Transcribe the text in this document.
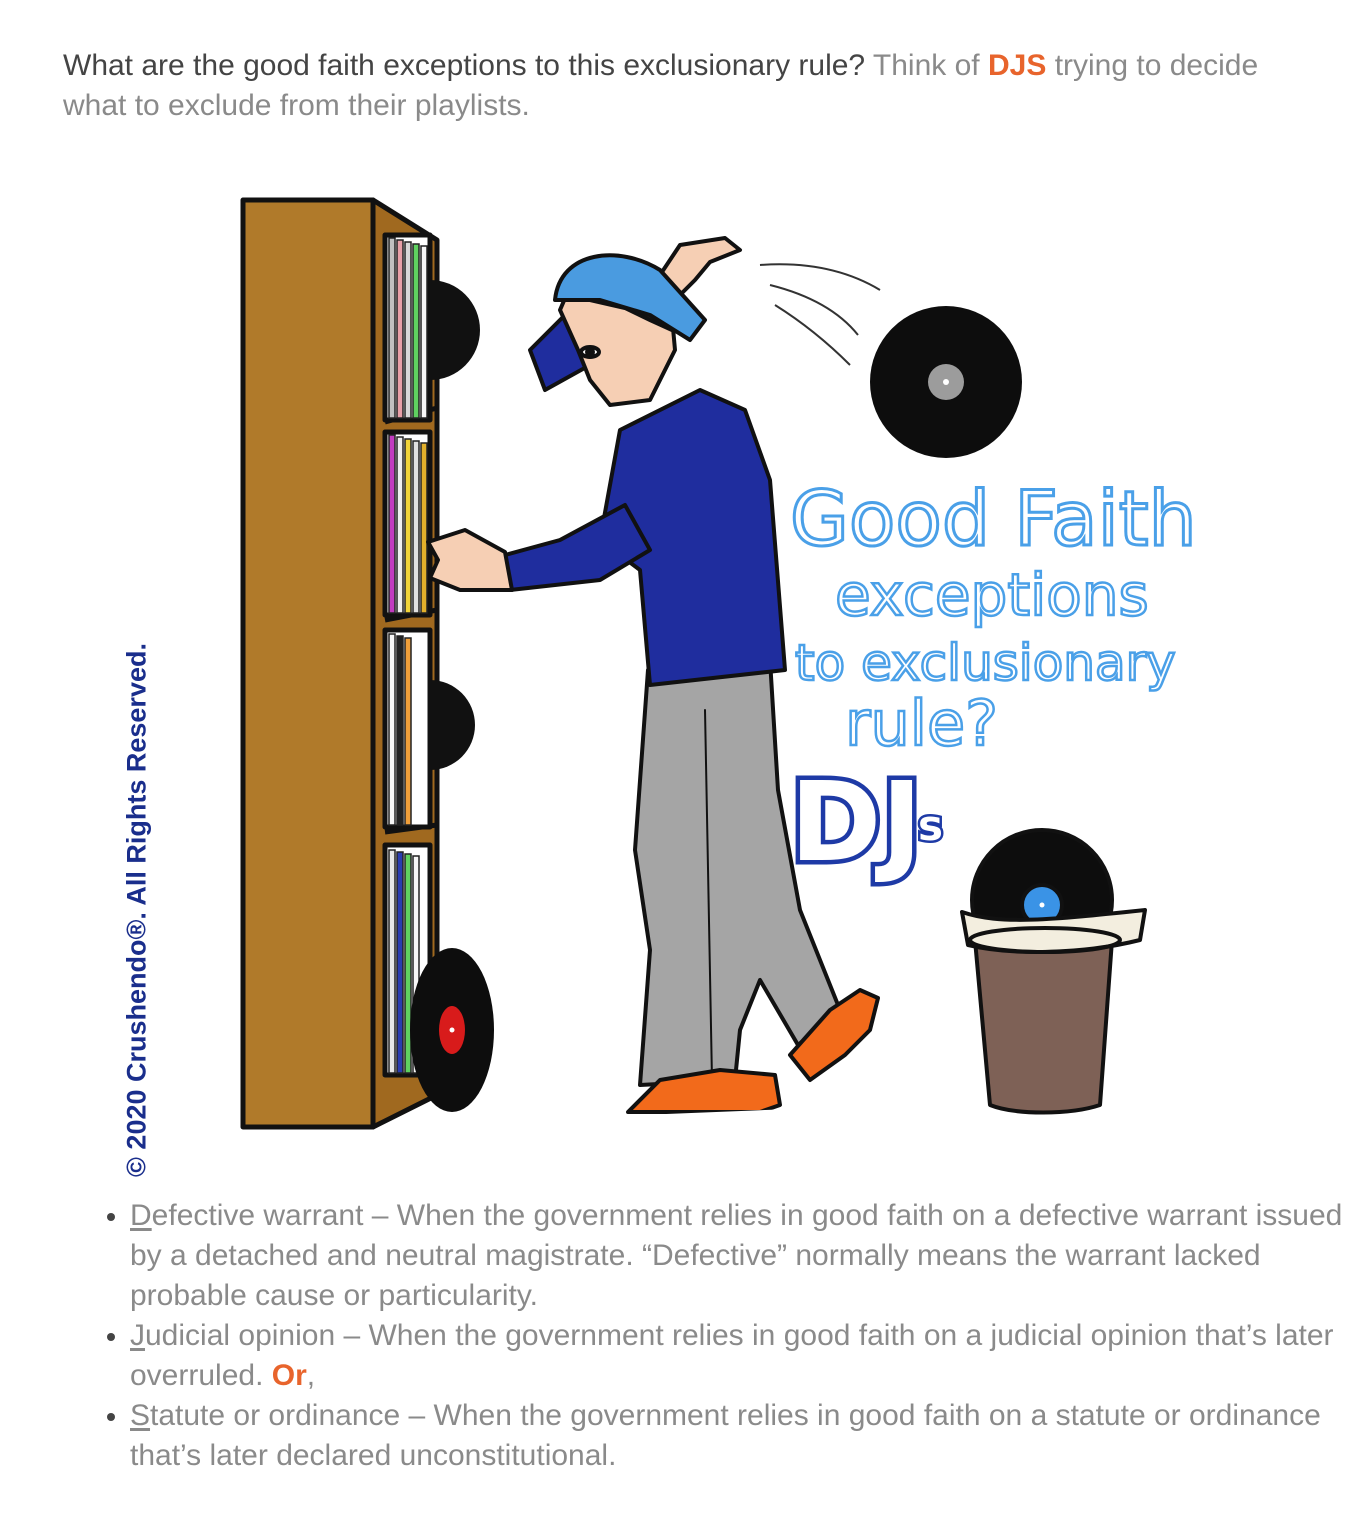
What are the good faith exceptions to this exclusionary rule? Think of DJS trying to decide what to exclude from their playlists.

Good Faith
exceptions
to exclusionary
rule?
DJ
s
© 2020 Crushendo®. All Rights Reserved.
• Defective warrant – When the government relies in good faith on a defective warrant issued by a detached and neutral magistrate. “Defective” normally means the warrant lacked probable cause or particularity.
• Judicial opinion – When the government relies in good faith on a judicial opinion that’s later overruled. Or,
• Statute or ordinance – When the government relies in good faith on a statute or ordinance that’s later declared unconstitutional.
